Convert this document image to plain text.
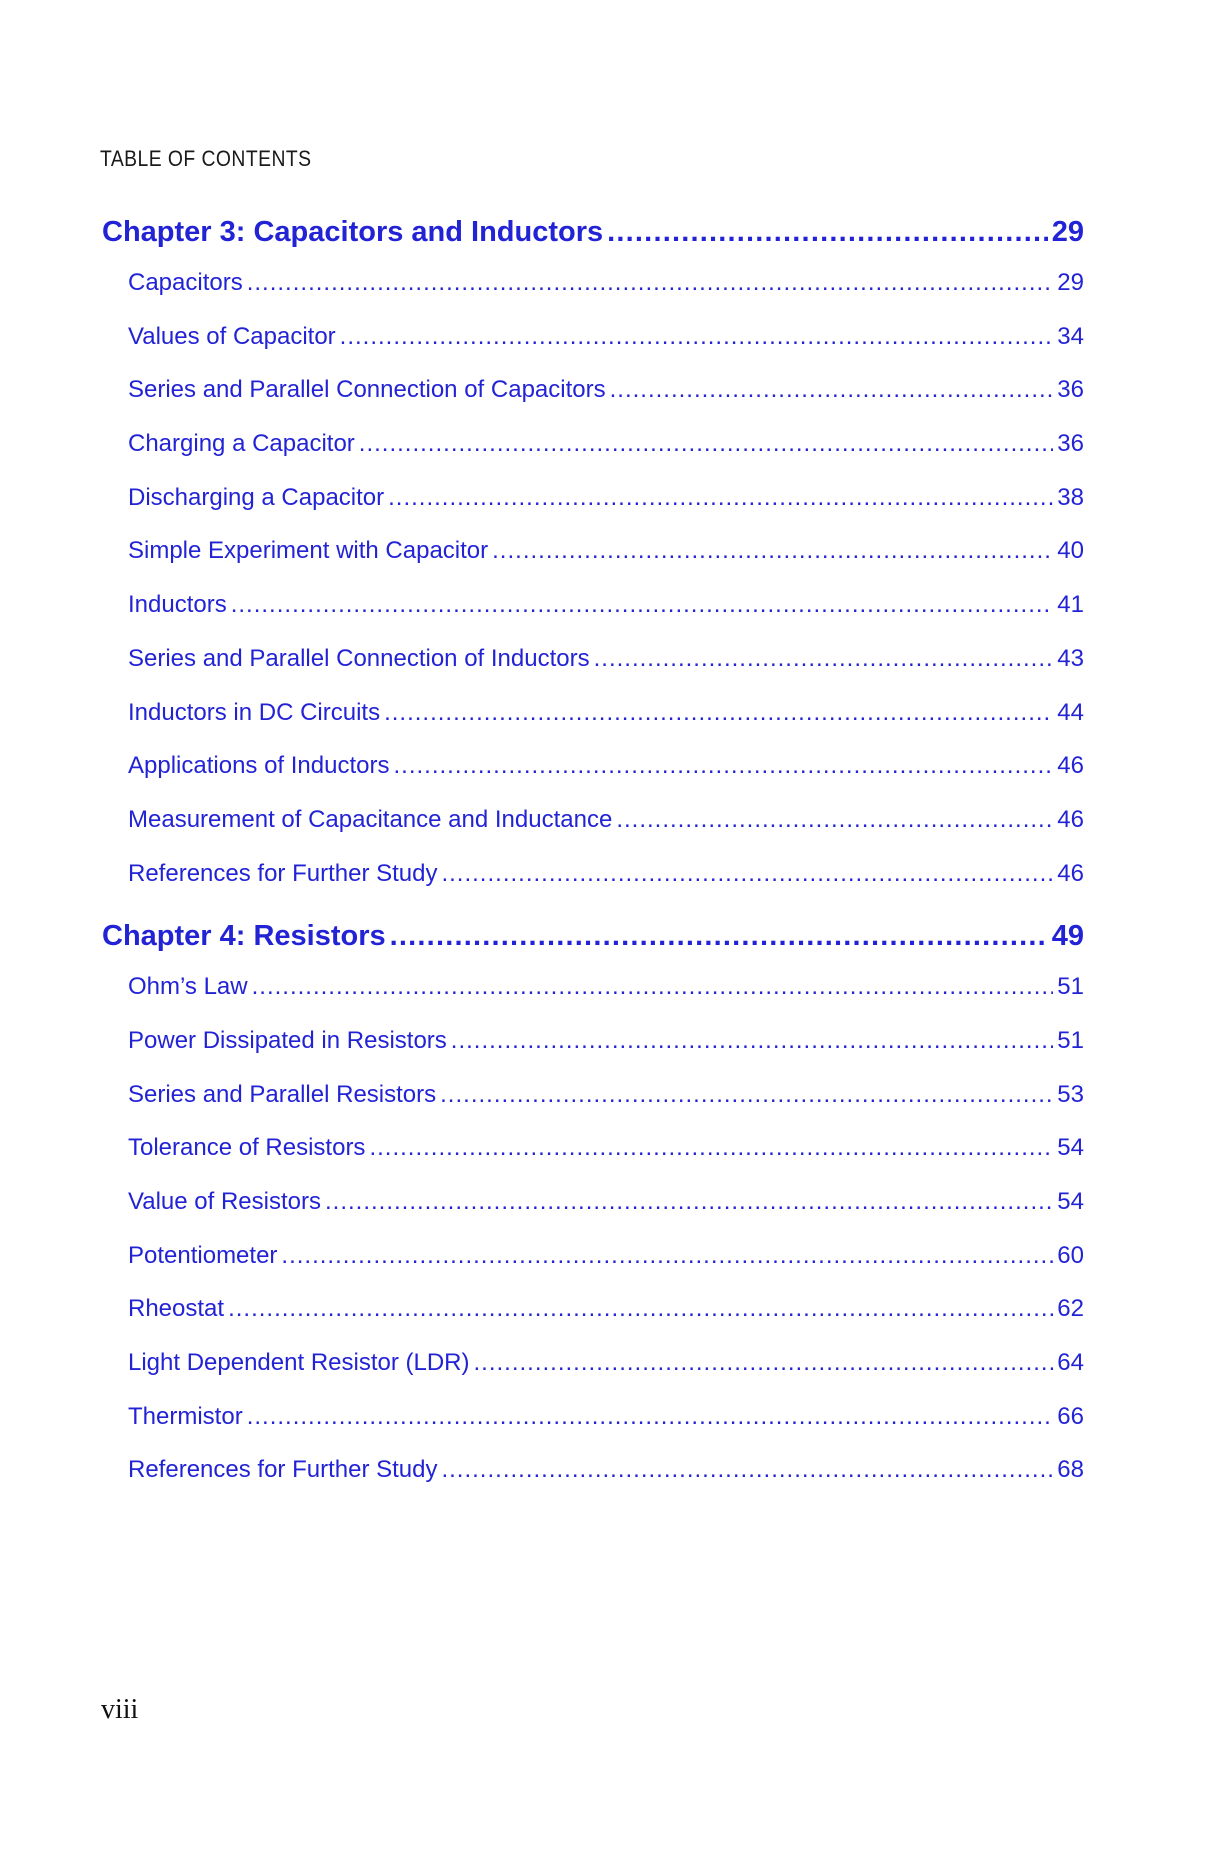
TABLE OF CONTENTS
Chapter 3: Capacitors and Inductors .....	29
Capacitors .....	29
Values of Capacitor .....	34
Series and Parallel Connection of Capacitors .....	36
Charging a Capacitor .....	36
Discharging a Capacitor .....	38
Simple Experiment with Capacitor .....	40
Inductors .....	41
Series and Parallel Connection of Inductors .....	43
Inductors in DC Circuits .....	44
Applications of Inductors .....	46
Measurement of Capacitance and Inductance .....	46
References for Further Study .....	46
Chapter 4: Resistors .....	49
Ohm’s Law .....	51
Power Dissipated in Resistors .....	51
Series and Parallel Resistors .....	53
Tolerance of Resistors .....	54
Value of Resistors .....	54
Potentiometer .....	60
Rheostat .....	62
Light Dependent Resistor (LDR) .....	64
Thermistor .....	66
References for Further Study .....	68
viii
